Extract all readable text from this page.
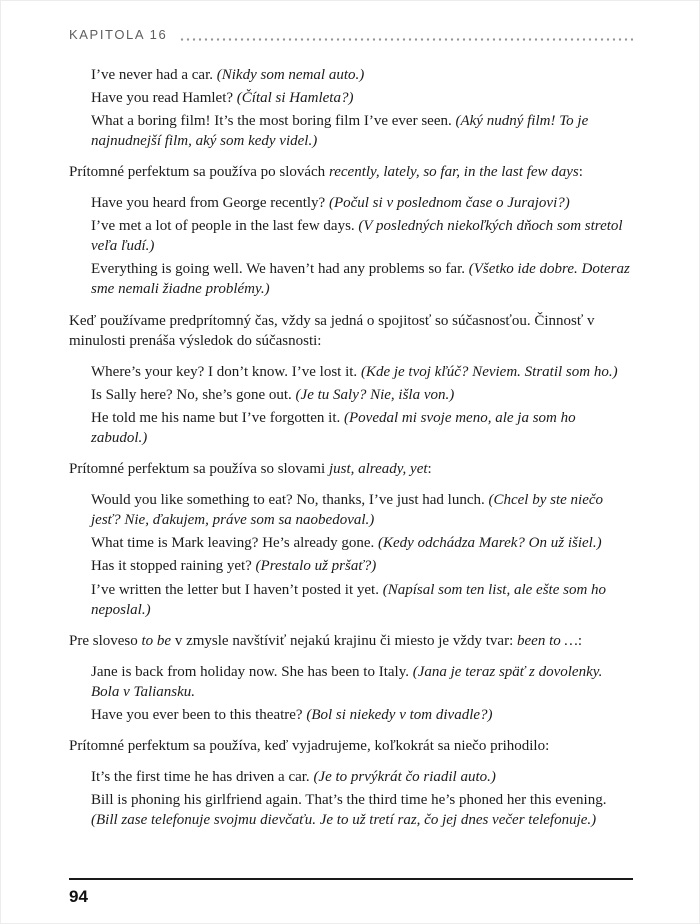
KAPITOLA 16

I’ve never had a car. (Nikdy som nemal auto.)

Have you read Hamlet? (Čítal si Hamleta?)

What a boring film! It’s the most boring film I’ve ever seen. (Aký nudný film! To je najnudnejší film, aký som kedy videl.)

Prítomné perfektum sa používa po slovách recently, lately, so far, in the last few days:

Have you heard from George recently? (Počul si v poslednom čase o Jurajovi?)

I’ve met a lot of people in the last few days. (V posledných niekoľkých dňoch som stretol veľa ľudí.)

Everything is going well. We haven’t had any problems so far. (Všetko ide dobre. Doteraz sme nemali žiadne problémy.)

Keď používame predprítomný čas, vždy sa jedná o spojitosť so súčasnosťou. Činnosť v minulosti prenáša výsledok do súčasnosti:

Where’s your key? I don’t know. I’ve lost it. (Kde je tvoj kľúč? Neviem. Stratil som ho.)

Is Sally here? No, she’s gone out. (Je tu Saly? Nie, išla von.)

He told me his name but I’ve forgotten it. (Povedal mi svoje meno, ale ja som ho zabudol.)

Prítomné perfektum sa používa so slovami just, already, yet:

Would you like something to eat? No, thanks, I’ve just had lunch. (Chcel by ste niečo jesť? Nie, ďakujem, práve som sa naobedoval.)

What time is Mark leaving? He’s already gone. (Kedy odchádza Marek? On už išiel.)

Has it stopped raining yet? (Prestalo už pršať?)

I’ve written the letter but I haven’t posted it yet. (Napísal som ten list, ale ešte som ho neposlal.)

Pre sloveso to be v zmysle navštíviť nejakú krajinu či miesto je vždy tvar: been to …:

Jane is back from holiday now. She has been to Italy. (Jana je teraz späť z dovolenky. Bola v Taliansku.

Have you ever been to this theatre? (Bol si niekedy v tom divadle?)

Prítomné perfektum sa používa, keď vyjadrujeme, koľkokrát sa niečo prihodilo:

It’s the first time he has driven a car. (Je to prvýkrát čo riadil auto.)

Bill is phoning his girlfriend again. That’s the third time he’s phoned her this evening. (Bill zase telefonuje svojmu dievčaťu. Je to už tretí raz, čo jej dnes večer telefonuje.)

94
